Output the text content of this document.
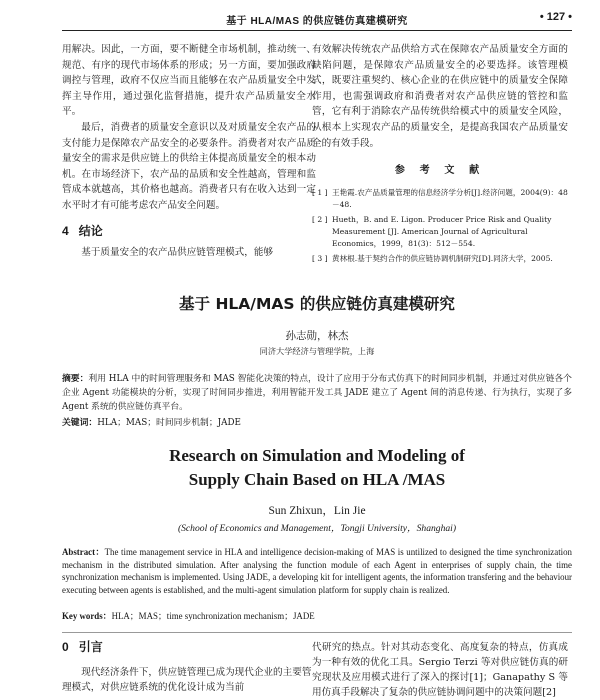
基于 HLA/MAS 的供应链仿真建模研究	• 127 •

用解决。因此，一方面，要不断健全市场机制，推动统一、规范、有序的现代市场体系的形成；另一方面，要加强政府调控与管理，政府不仅应当而且能够在农产品质量安全中发挥主导作用，通过强化监督措施，提升农产品质量安全水平。

最后，消费者的质量安全意识以及对质量安全农产品的支付能力是保障农产品安全的必要条件。消费者对农产品质量安全的需求是供应链上的供给主体提高质量安全的根本动机。在市场经济下，农产品的品质和安全性越高，管理和监管成本就越高，其价格也越高。消费者只有在收入达到一定水平时才有可能考虑农产品安全问题。

4 结论

基于质量安全的农产品供应链管理模式，能够

有效解决传统农产品供给方式在保障农产品质量安全方面的缺陷问题，是保障农产品质量安全的必要选择。该管理模式，既要注重契约、核心企业的在供应链中的质量安全保障作用，也需强调政府和消费者对农产品供应链的管控和监管，它有利于消除农产品传统供给模式中的质量安全风险，从根本上实现农产品的质量安全，是提高我国农产品质量安全的有效手段。

参 考 文 献
[ 1 ] 王艳霞.农产品质量管理的信息经济学分析[J].经济问题，2004(9)：48－48.
[ 2 ] Hueth，B. and E. Ligon. Producer Price Risk and Quality Measurement [J]. American Journal of Agricultural Economics，1999，81(3)：512－554.
[ 3 ] 黄林根.基于契约合作的供应链协调机制研究[D].同济大学，2005.
基于 HLA/MAS 的供应链仿真建模研究
孙志勋，林杰
同济大学经济与管理学院，上海
摘要：利用 HLA 中的时间管理服务和 MAS 智能化决策的特点，设计了应用于分布式仿真下的时间同步机制，并通过对供应链各个企业 Agent 功能模块的分析，实现了时间同步推进，利用智能开发工具 JADE 建立了 Agent 间的消息传递、行为执行，实现了多 Agent 系统的供应链仿真平台。
关键词：HLA；MAS；时间同步机制；JADE
Research on Simulation and Modeling of
Supply Chain Based on HLA /MAS
Sun Zhixun，Lin Jie
(School of Economics and Management，Tongji University，Shanghai)
Abstract：The time management service in HLA and intelligence decision-making of MAS is untilized to designed the time synchronization mechanism in the distributed simulation. After analysing the function module of each Agent in enterprises of supply chain, the time synchronization mechanism is implemented. Using JADE, a developing kit for intelligent agents, the information transfering and the behaviour executing between agents is established, and the multi-agent simulation platform for supply chain is realized.
Key words：HLA；MAS；time synchronization mechanism；JADE
0 引言

现代经济条件下，供应链管理已成为现代企业的主要管理模式，对供应链系统的优化设计成为当前

代研究的热点。针对其动态变化、高度复杂的特点，仿真成为一种有效的优化工具。Sergio Terzi 等对供应链仿真的研究现状及应用模式进行了深入的探讨[1]；Ganapathy S 等用仿真手段解决了复杂的供应链协调问题中的决策问题[2]
